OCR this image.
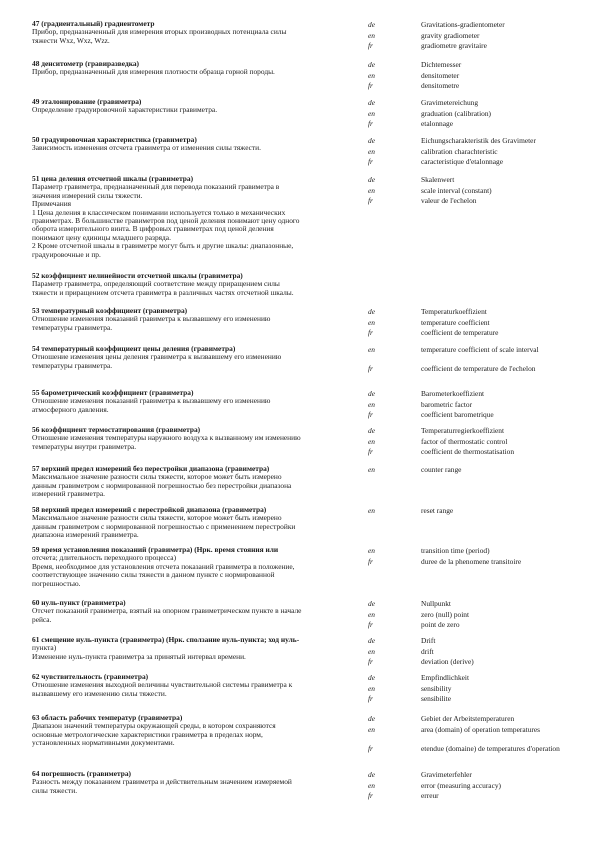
47 (градиентальный) градиентометр
Прибор, предназначенный для измерения вторых производных потенциала силы
тяжести Wxz, Wxz, Wzz.
de	Gravitations-gradientometer
en	gravity gradiometer
fr	gradiometre gravitaire
48 денситометр (гравиразведка)
Прибор, предназначенный для измерения плотности образца горной породы.
de	Dichtemesser
en	densitometer
fr	densitometre
49 эталонирование (гравиметра)
Определение градуировочной характеристики гравиметра.
de	Gravimetereichung
en	graduation (calibration)
fr	etalonnage
50 градуировочная характеристика (гравиметра)
Зависимость изменения отсчета гравиметра от изменения силы тяжести.
de	Eichungscharakteristik des Gravimeter
en	calibration charachteristic
fr	caracteristique d'etalonnage
51 цена деления отсчетной шкалы (гравиметра)
Параметр гравиметра, предназначенный для перевода показаний гравиметра в
значения измерений силы тяжести.
Примечания
1 Цена деления в классическом понимании используется только в механических
гравиметрах. В большинстве гравиметров под ценой деления понимают цену одного
оборота измерительного винта. В цифровых гравиметрах под ценой деления
понимают цену единицы младшего разряда.
2 Кроме отсчетной шкалы в гравиметре могут быть и другие шкалы: диапазонные,
градуировочные и пр.
de	Skalenwert
en	scale interval (constant)
fr	valeur de l'echelon
52 коэффициент нелинейности отсчетной шкалы (гравиметра)
Параметр гравиметра, определяющий соответствие между приращением силы
тяжести и приращением отсчета гравиметра в различных частях отсчетной шкалы.
53 температурный коэффициент (гравиметра)
Отношение изменения показаний гравиметра к вызвавшему его изменению
температуры гравиметра.
de	Temperaturkoeffizient
en	temperature coefficient
fr	coefficient de temperature
54 температурный коэффициент цены деления (гравиметра)
Отношение изменения цены деления гравиметра к вызвавшему его изменению
температуры гравиметра.
en	temperature coefficient of scale interval
fr	coefficient de temperature de l'echelon
55 барометрический коэффициент (гравиметра)
Отношение изменения показаний гравиметра к вызвавшему его изменению
атмосферного давления.
de	Barometerkoeffizient
en	barometric factor
fr	coefficient barometrique
56 коэффициент термостатирования (гравиметра)
Отношение изменения температуры наружного воздуха к вызванному им изменению
температуры внутри гравиметра.
de	Temperaturregierkoeffizient
en	factor of thermostatic control
fr	coefficient de thermostatisation
57 верхний предел измерений без перестройки диапазона (гравиметра)
Максимальное значение разности силы тяжести, которое может быть измерено
данным гравиметром с нормированной погрешностью без перестройки диапазона
измерений гравиметра.
en	counter range
58 верхний предел измерений с перестройкой диапазона (гравиметра)
Максимальное значение разности силы тяжести, которое может быть измерено
данным гравиметром с нормированной погрешностью с применением перестройки
диапазона измерений гравиметра.
en	reset range
59 время установления показаний (гравиметра) (Нрк. время стояния или
отсчета; длительность переходного процесса)
Время, необходимое для установления отсчета показаний гравиметра в положение,
соответствующее значению силы тяжести в данном пункте с нормированной
погрешностью.
en	transition time (period)
fr	duree de la phenomene transitoire
60 нуль-пункт (гравиметра)
Отсчет показаний гравиметра, взятый на опорном гравиметрическом пункте в начале
рейса.
de	Nullpunkt
en	zero (null) point
fr	point de zero
61 смещение нуль-пункта (гравиметра) (Нрк. сползание нуль-пункта; ход нуль-
пункта)
Изменение нуль-пункта гравиметра за принятый интервал времени.
de	Drift
en	drift
fr	deviation (derive)
62 чувствительность (гравиметра)
Отношение изменения выходной величины чувствительной системы гравиметра к
вызвавшему его изменению силы тяжести.
de	Empfindlichkeit
en	sensibility
fr	sensibilite
63 область рабочих температур (гравиметра)
Диапазон значений температуры окружающей среды, в котором сохраняются
основные метрологические характеристики гравиметра в пределах норм,
установленных нормативными документами.
de	Gebiet der Arbeitstemperaturen
en	area (domain) of operation temperatures
fr	etendue (domaine) de temperatures d'operation
64 погрешность (гравиметра)
Разность между показанием гравиметра и действительным значением измеряемой
силы тяжести.
de	Gravimeterfehler
en	error (measuring accuracy)
fr	erreur
